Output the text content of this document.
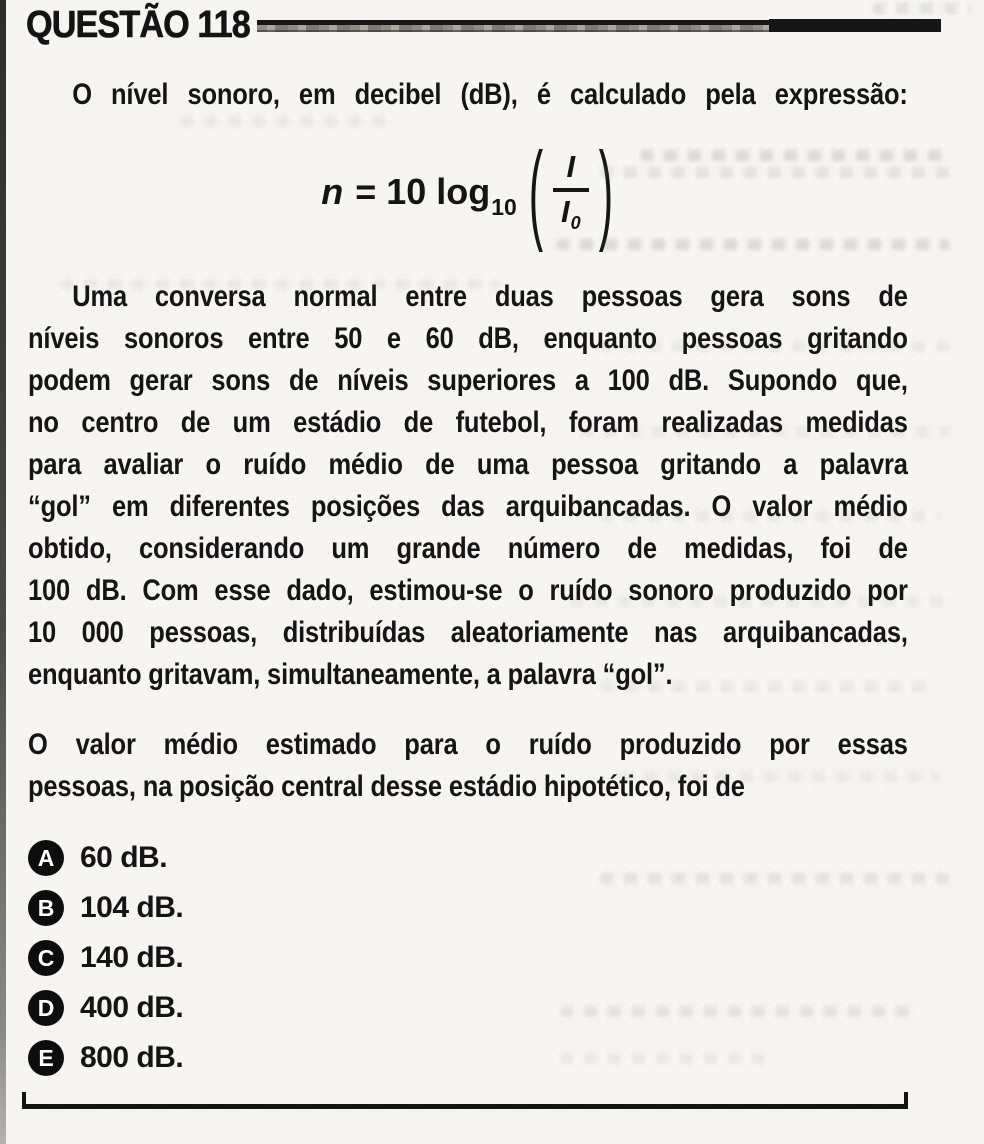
QUESTÃO 118

O nível sonoro, em decibel (dB), é calculado pela expressão:

n = 10 $\log_{10}$ ( $\frac{I}{I_0}$ )
Uma conversa normal entre duas pessoas gera sons de
níveis sonoros entre 50 e 60 dB, enquanto pessoas gritando
podem gerar sons de níveis superiores a 100 dB. Supondo que,
no centro de um estádio de futebol, foram realizadas medidas
para avaliar o ruído médio de uma pessoa gritando a palavra
“gol” em diferentes posições das arquibancadas. O valor médio
obtido, considerando um grande número de medidas, foi de
100 dB. Com esse dado, estimou-se o ruído sonoro produzido por
10 000 pessoas, distribuídas aleatoriamente nas arquibancadas,
enquanto gritavam, simultaneamente, a palavra “gol”.
O valor médio estimado para o ruído produzido por essas
pessoas, na posição central desse estádio hipotético, foi de
A 60 dB.
B 104 dB.
C 140 dB.
D 400 dB.
E 800 dB.
